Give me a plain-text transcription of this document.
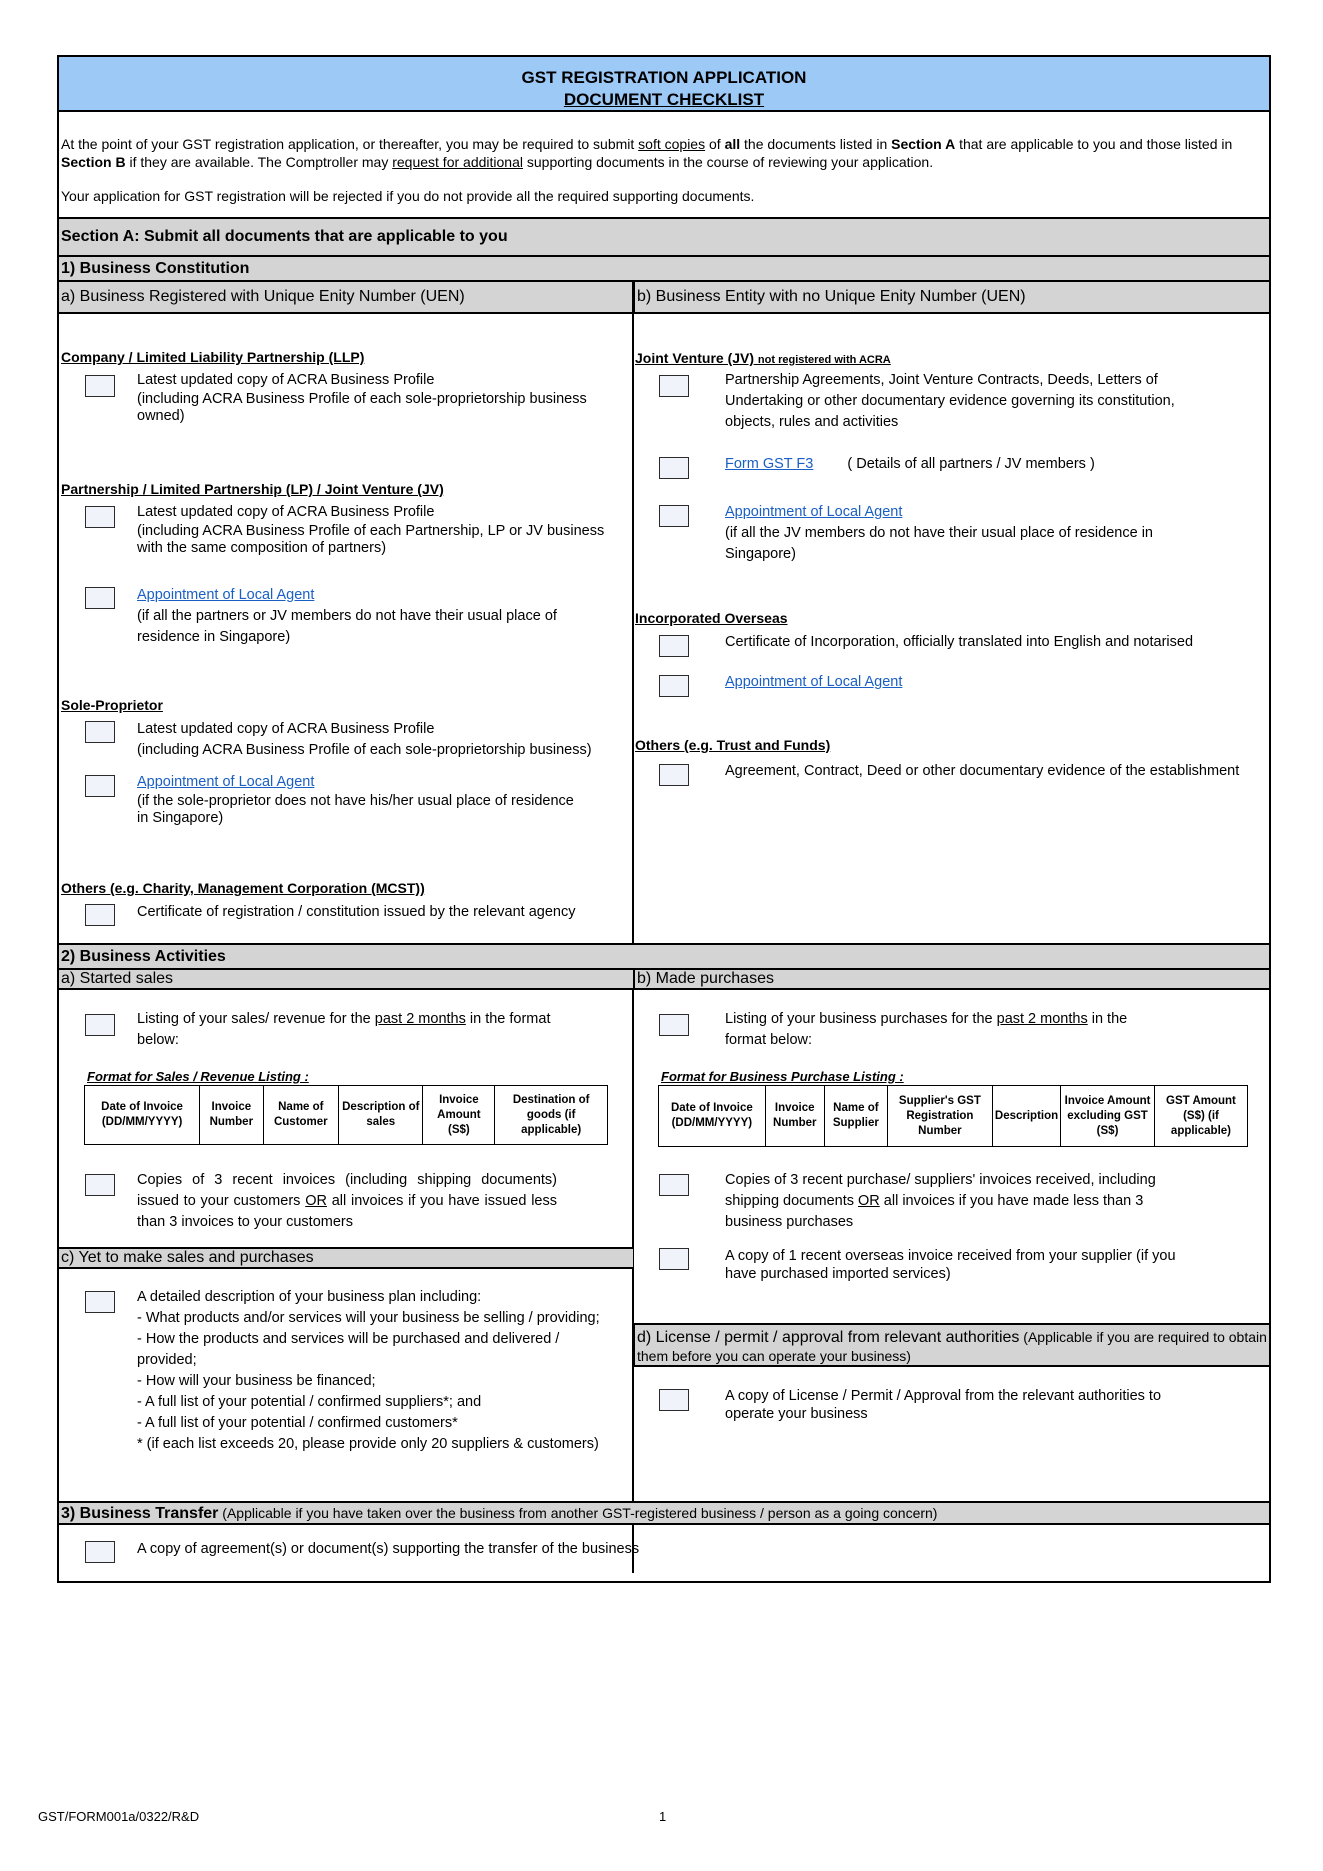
GST REGISTRATION APPLICATION
DOCUMENT CHECKLIST
At the point of your GST registration application, or thereafter, you may be required to submit soft copies of all the documents listed in Section A that are applicable to you and those listed in Section B if they are available. The Comptroller may request for additional supporting documents in the course of reviewing your application.
Your application for GST registration will be rejected if you do not provide all the required supporting documents.
Section A: Submit all documents that are applicable to you
1) Business Constitution
a) Business Registered with Unique Enity Number (UEN)	b) Business Entity with no Unique Enity Number (UEN)
Company / Limited Liability Partnership (LLP)
Latest updated copy of ACRA Business Profile
(including ACRA Business Profile of each sole-proprietorship business owned)
Partnership / Limited Partnership (LP) / Joint Venture (JV)
Latest updated copy of ACRA Business Profile
(including ACRA Business Profile of each Partnership, LP or JV business with the same composition of partners)
Appointment of Local Agent
(if all the partners or JV members do not have their usual place of residence in Singapore)
Sole-Proprietor
Latest updated copy of ACRA Business Profile
(including ACRA Business Profile of each sole-proprietorship business)
Appointment of Local Agent
(if the sole-proprietor does not have his/her usual place of residence in Singapore)
Others (e.g. Charity, Management Corporation (MCST))
Certificate of registration / constitution issued by the relevant agency
Joint Venture (JV) not registered with ACRA
Partnership Agreements, Joint Venture Contracts, Deeds, Letters of Undertaking or other documentary evidence governing its constitution, objects, rules and activities
Form GST F3 ( Details of all partners / JV members )
Appointment of Local Agent
(if all the JV members do not have their usual place of residence in Singapore)
Incorporated Overseas
Certificate of Incorporation, officially translated into English and notarised
Appointment of Local Agent
Others (e.g. Trust and Funds)
Agreement, Contract, Deed or other documentary evidence of the establishment
2) Business Activities
a) Started sales	b) Made purchases
Listing of your sales/ revenue for the past 2 months in the format below:
Format for Sales / Revenue Listing :
Date of Invoice (DD/MM/YYYY)	Invoice Number	Name of Customer	Description of sales	Invoice Amount (S$)	Destination of goods (if applicable)
Copies of 3 recent invoices (including shipping documents) issued to your customers OR all invoices if you have issued less than 3 invoices to your customers
c) Yet to make sales and purchases
A detailed description of your business plan including:
- What products and/or services will your business be selling / providing;
- How the products and services will be purchased and delivered / provided;
- How will your business be financed;
- A full list of your potential / confirmed suppliers*; and
- A full list of your potential / confirmed customers*
* (if each list exceeds 20, please provide only 20 suppliers & customers)
Listing of your business purchases for the past 2 months in the format below:
Format for Business Purchase Listing :
Date of Invoice (DD/MM/YYYY)	Invoice Number	Name of Supplier	Supplier's GST Registration Number	Description	Invoice Amount excluding GST (S$)	GST Amount (S$) (if applicable)
Copies of 3 recent purchase/ suppliers' invoices received, including shipping documents OR all invoices if you have made less than 3 business purchases
A copy of 1 recent overseas invoice received from your supplier (if you have purchased imported services)
d) License / permit / approval from relevant authorities (Applicable if you are required to obtain them before you can operate your business)
A copy of License / Permit / Approval from the relevant authorities to operate your business
3) Business Transfer (Applicable if you have taken over the business from another GST-registered business / person as a going concern)
A copy of agreement(s) or document(s) supporting the transfer of the business
GST/FORM001a/0322/R&D	1
